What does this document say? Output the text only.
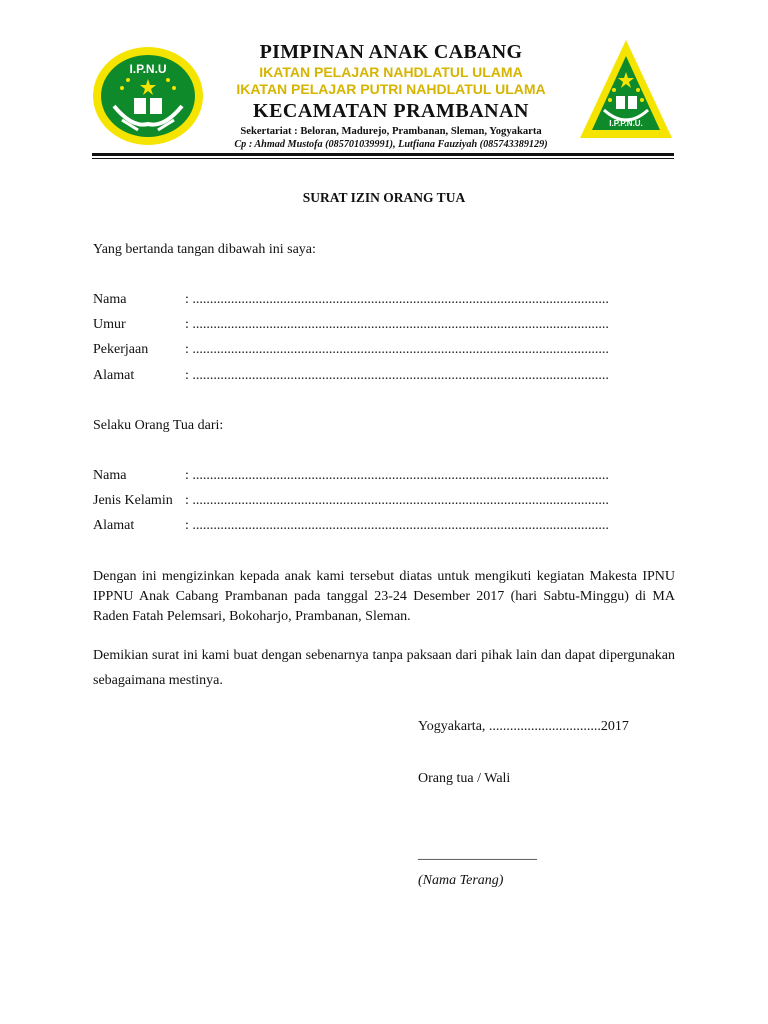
I.P.N.U
PIMPINAN ANAK CABANG
IKATAN PELAJAR NAHDLATUL ULAMA
IKATAN PELAJAR PUTRI NAHDLATUL ULAMA
KECAMATAN PRAMBANAN
Sekertariat : Beloran, Madurejo, Prambanan, Sleman, Yogyakarta
Cp : Ahmad Mustofa (085701039991), Lutfiana Fauziyah (085743389129)
I.P.P.N.U.
SURAT IZIN ORANG TUA
Yang bertanda tangan dibawah ini saya:
Nama	: .......................................................................................................................
Umur	: .......................................................................................................................
Pekerjaan	: .......................................................................................................................
Alamat	: .......................................................................................................................
Selaku Orang Tua dari:
Nama	: .......................................................................................................................
Jenis Kelamin : .......................................................................................................................
Alamat	: .......................................................................................................................
Dengan ini mengizinkan kepada anak kami tersebut diatas untuk mengikuti kegiatan Makesta IPNU IPPNU Anak Cabang Prambanan pada tanggal 23-24 Desember 2017 (hari Sabtu-Minggu) di MA Raden Fatah Pelemsari, Bokoharjo, Prambanan, Sleman.
Demikian surat ini kami buat dengan sebenarnya tanpa paksaan dari pihak lain dan dapat dipergunakan sebagaimana mestinya.
Yogyakarta, ................................2017
Orang tua / Wali
_________________
(Nama Terang)
